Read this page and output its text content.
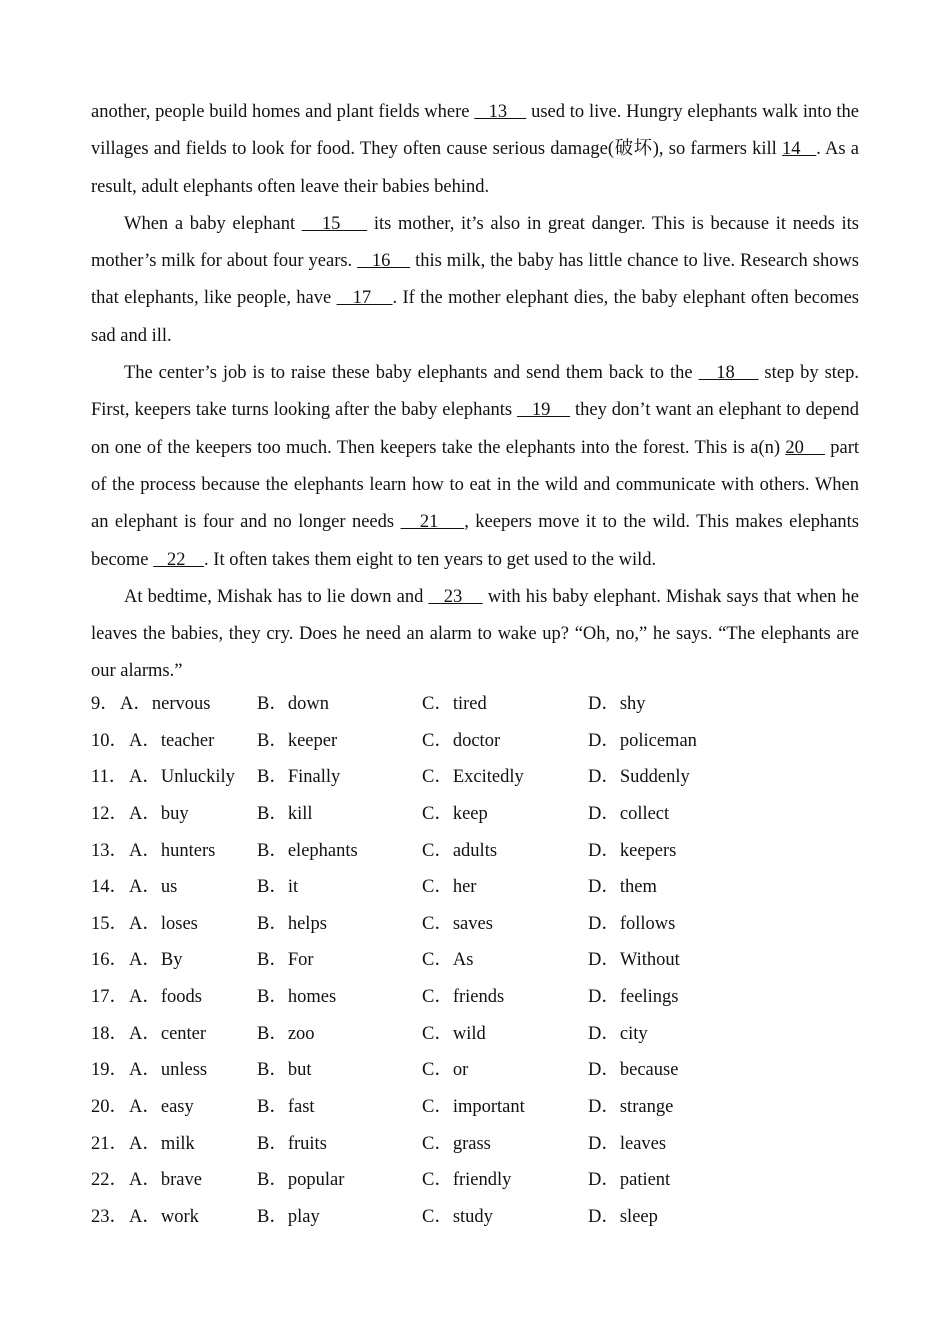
another, people build homes and plant fields where    13     used to live. Hungry elephants walk into the villages and fields to look for food. They often cause serious damage(破坏), so farmers kill 14   . As a result, adult elephants often leave their babies behind.

When a baby elephant    15     its mother, it’s also in great danger. This is because it needs its mother’s milk for about four years.    16     this milk, the baby has little chance to live. Research shows that elephants, like people, have    17    . If the mother elephant dies, the baby elephant often becomes sad and ill.

The center’s job is to raise these baby elephants and send them back to the    18     step by step. First, keepers take turns looking after the baby elephants    19     they don’t want an elephant to depend on one of the keepers too much. Then keepers take the elephants into the forest. This is a(n) 20     part of the process because the elephants learn how to eat in the wild and communicate with others. When an elephant is four and no longer needs    21    , keepers move it to the wild. This makes elephants become    22    . It often takes them eight to ten years to get used to the wild.

At bedtime, Mishak has to lie down and    23     with his baby elephant. Mishak says that when he leaves the babies, they cry. Does he need an alarm to wake up? “Oh, no,” he says. “The elephants are our alarms.”

9． A．nervous	B．down	C．tired	D．shy
10． A．teacher B．keeper	C．doctor	D．policeman
11． A．Unluckily B．Finally	C．Excitedly	D．Suddenly
12． A．buy	B．kill	C．keep	D．collect
13． A．hunters B．elephants	C．adults	D．keepers
14． A．us	B．it	C．her	D．them
15． A．loses	B．helps	C．saves	D．follows
16． A．By	B．For	C．As	D．Without
17． A．foods	B．homes	C．friends	D．feelings
18． A．center	B．zoo	C．wild	D．city
19． A．unless	B．but	C．or	D．because
20． A．easy	B．fast	C．important	D．strange
21． A．milk	B．fruits	C．grass	D．leaves
22． A．brave	B．popular	C．friendly	D．patient
23． A．work	B．play	C．study	D．sleep
